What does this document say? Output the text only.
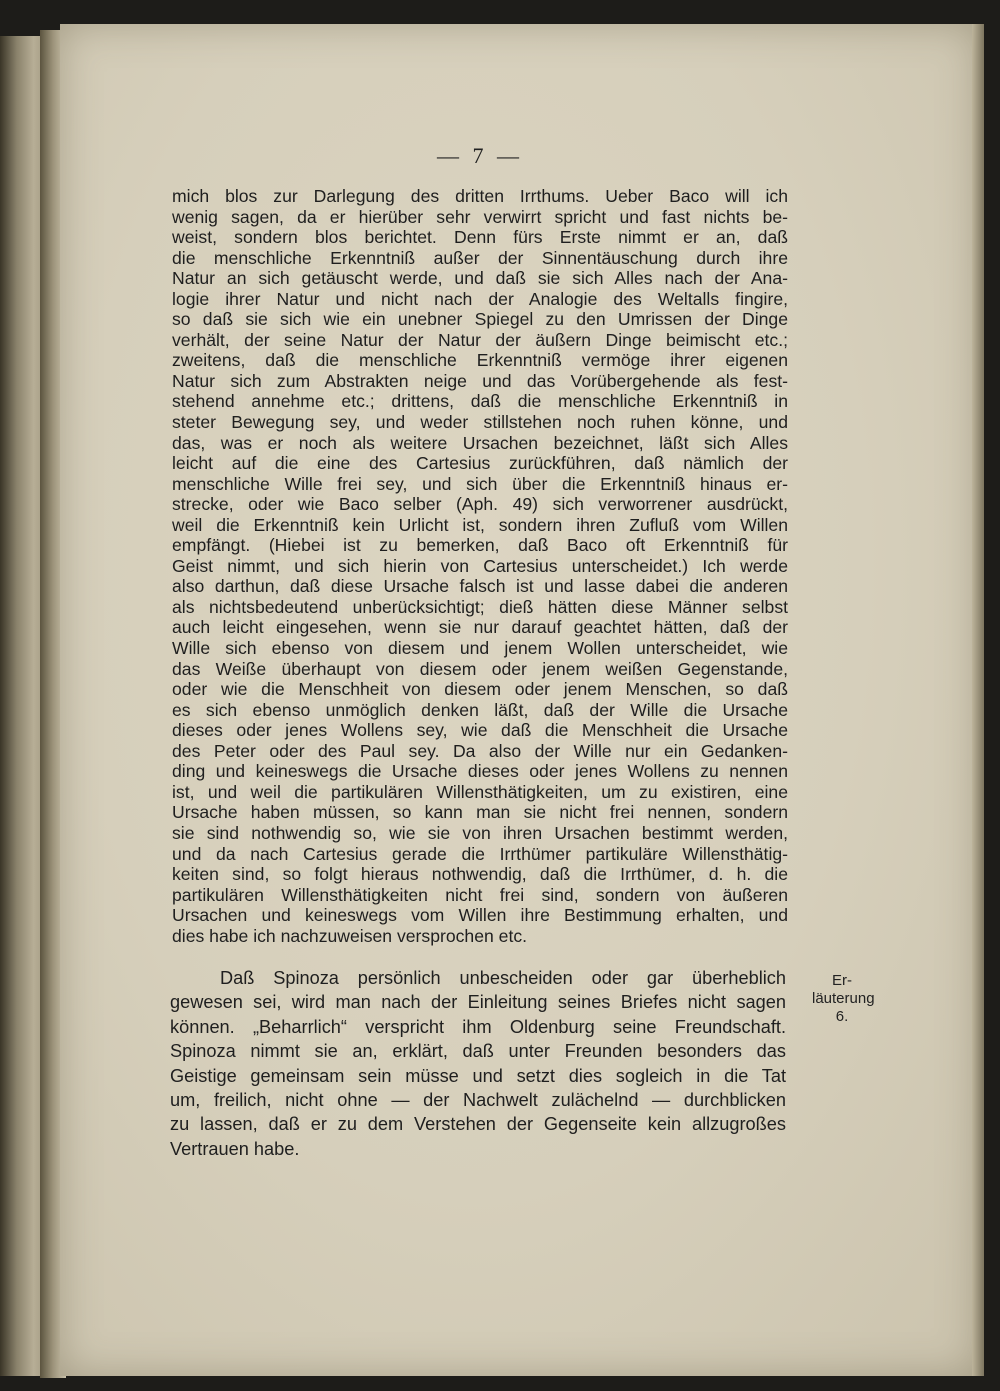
— 7 —
mich blos zur Darlegung des dritten Irrthums. Ueber Baco will ich
wenig sagen, da er hierüber sehr verwirrt spricht und fast nichts be-
weist, sondern blos berichtet. Denn fürs Erste nimmt er an, daß
die menschliche Erkenntniß außer der Sinnentäuschung durch ihre
Natur an sich getäuscht werde, und daß sie sich Alles nach der Ana-
logie ihrer Natur und nicht nach der Analogie des Weltalls fingire,
so daß sie sich wie ein unebner Spiegel zu den Umrissen der Dinge
verhält, der seine Natur der Natur der äußern Dinge beimischt etc.;
zweitens, daß die menschliche Erkenntniß vermöge ihrer eigenen
Natur sich zum Abstrakten neige und das Vorübergehende als fest-
stehend annehme etc.; drittens, daß die menschliche Erkenntniß in
steter Bewegung sey, und weder stillstehen noch ruhen könne, und
das, was er noch als weitere Ursachen bezeichnet, läßt sich Alles
leicht auf die eine des Cartesius zurückführen, daß nämlich der
menschliche Wille frei sey, und sich über die Erkenntniß hinaus er-
strecke, oder wie Baco selber (Aph. 49) sich verworrener ausdrückt,
weil die Erkenntniß kein Urlicht ist, sondern ihren Zufluß vom Willen
empfängt. (Hiebei ist zu bemerken, daß Baco oft Erkenntniß für
Geist nimmt, und sich hierin von Cartesius unterscheidet.) Ich werde
also darthun, daß diese Ursache falsch ist und lasse dabei die anderen
als nichtsbedeutend unberücksichtigt; dieß hätten diese Männer selbst
auch leicht eingesehen, wenn sie nur darauf geachtet hätten, daß der
Wille sich ebenso von diesem und jenem Wollen unterscheidet, wie
das Weiße überhaupt von diesem oder jenem weißen Gegenstande,
oder wie die Menschheit von diesem oder jenem Menschen, so daß
es sich ebenso unmöglich denken läßt, daß der Wille die Ursache
dieses oder jenes Wollens sey, wie daß die Menschheit die Ursache
des Peter oder des Paul sey. Da also der Wille nur ein Gedanken-
ding und keineswegs die Ursache dieses oder jenes Wollens zu nennen
ist, und weil die partikulären Willensthätigkeiten, um zu existiren, eine
Ursache haben müssen, so kann man sie nicht frei nennen, sondern
sie sind nothwendig so, wie sie von ihren Ursachen bestimmt werden,
und da nach Cartesius gerade die Irrthümer partikuläre Willensthätig-
keiten sind, so folgt hieraus nothwendig, daß die Irrthümer, d. h. die
partikulären Willensthätigkeiten nicht frei sind, sondern von äußeren
Ursachen und keineswegs vom Willen ihre Bestimmung erhalten, und
dies habe ich nachzuweisen versprochen etc.
Daß Spinoza persönlich unbescheiden oder gar überheblich
gewesen sei, wird man nach der Einleitung seines Briefes nicht sagen
können. „Beharrlich“ verspricht ihm Oldenburg seine Freundschaft.
Spinoza nimmt sie an, erklärt, daß unter Freunden besonders das
Geistige gemeinsam sein müsse und setzt dies sogleich in die Tat
um, freilich, nicht ohne — der Nachwelt zulächelnd — durchblicken
zu lassen, daß er zu dem Verstehen der Gegenseite kein allzugroßes
Vertrauen habe.
Er-
läuterung
6.
